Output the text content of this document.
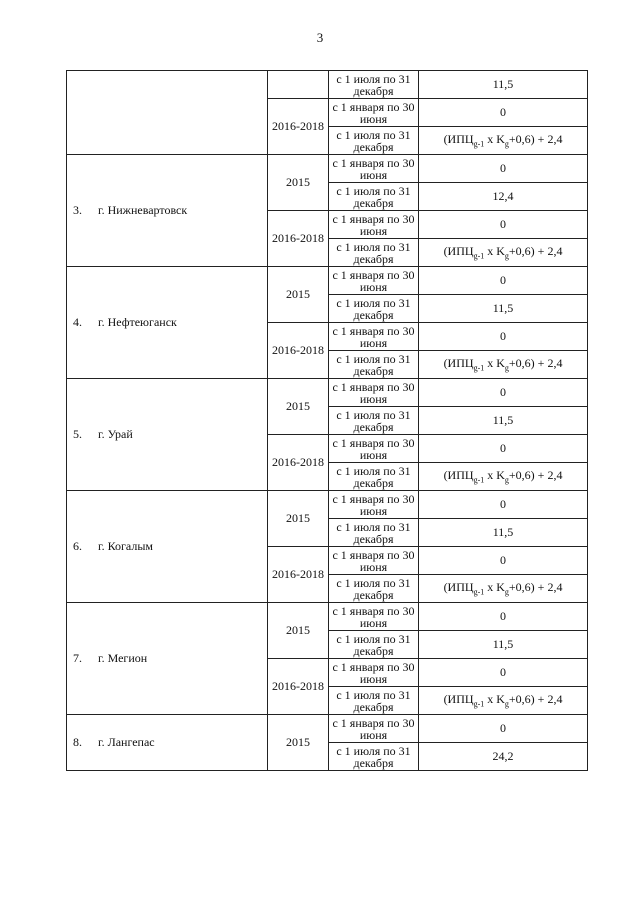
3
		с 1 июля по 31 декабря	11,5
	2016-2018	с 1 января по 30 июня	0
		с 1 июля по 31 декабря	($ИПЦ_{g-1}$ x $K_g+0,6) + 2,4$

3. г. Нижневартовск	2015	с 1 января по 30 июня	0
		с 1 июля по 31 декабря	12,4
	2016-2018	с 1 января по 30 июня	0
		с 1 июля по 31 декабря	($ИПЦ_{g-1}$ x $K_g+0,6) + 2,4$

4. г. Нефтеюганск	2015	с 1 января по 30 июня	0
		с 1 июля по 31 декабря	11,5
	2016-2018	с 1 января по 30 июня	0
		с 1 июля по 31 декабря	($ИПЦ_{g-1}$ x $K_g+0,6) + 2,4$

5. г. Урай	2015	с 1 января по 30 июня	0
		с 1 июля по 31 декабря	11,5
	2016-2018	с 1 января по 30 июня	0
		с 1 июля по 31 декабря	($ИПЦ_{g-1}$ x $K_g+0,6) + 2,4$

6. г. Когалым	2015	с 1 января по 30 июня	0
		с 1 июля по 31 декабря	11,5
	2016-2018	с 1 января по 30 июня	0
		с 1 июля по 31 декабря	($ИПЦ_{g-1}$ x $K_g+0,6) + 2,4$

7. г. Мегион	2015	с 1 января по 30 июня	0
		с 1 июля по 31 декабря	11,5
	2016-2018	с 1 января по 30 июня	0
		с 1 июля по 31 декабря	($ИПЦ_{g-1}$ x $K_g+0,6) + 2,4$

8. г. Лангепас	2015	с 1 января по 30 июня	0
		с 1 июля по 31 декабря	24,2
